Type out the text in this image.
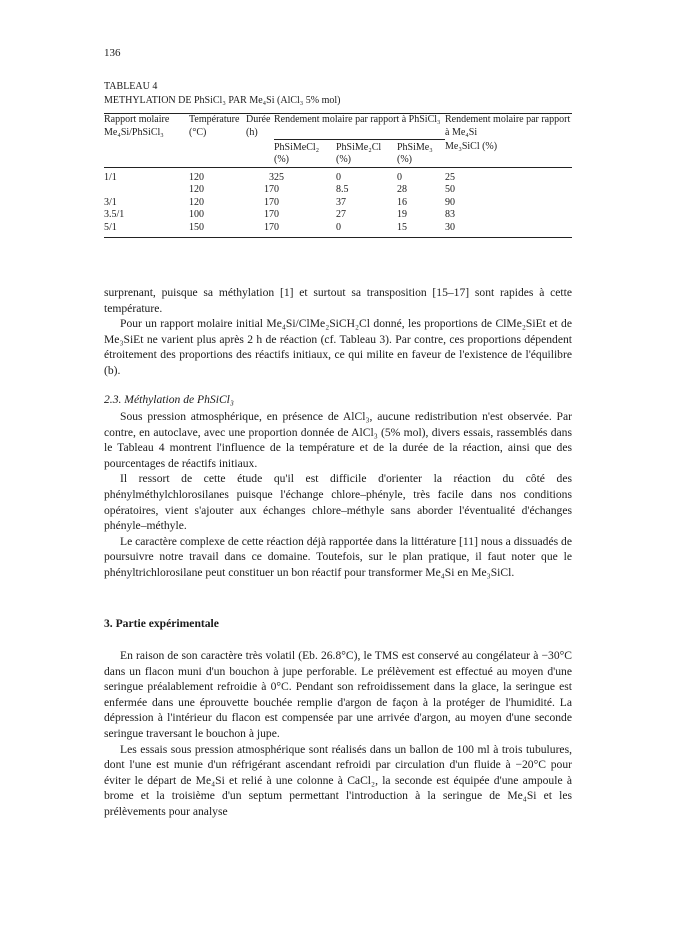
136
TABLEAU 4
METHYLATION DE PhSiCl₃ PAR Me₄Si (AlCl₃ 5% mol)
Rapport molaire Me₄Si/PhSiCl₃	Température (°C)	Durée (h)	Rendement molaire par rapport à PhSiCl₃			Rendement molaire par rapport à Me₄Si
			PhSiMeCl₂ (%)	PhSiMe₂Cl (%)	PhSiMe₃ (%)	Me₃SiCl (%)

1/1	120	3	25	0	0	25
	120	17	0	8.5	28	50
3/1	120	17	0	37	16	90
3.5/1	100	17	0	27	19	83
5/1	150	17	0	0	15	30

surprenant, puisque sa méthylation [1] et surtout sa transposition [15–17] sont rapides à cette température.

Pour un rapport molaire initial Me₄Si/ClMe₂SiCH₂Cl donné, les proportions de ClMe₂SiEt et de Me₃SiEt ne varient plus après 2 h de réaction (cf. Tableau 3). Par contre, ces proportions dépendent étroitement des proportions des réactifs initiaux, ce qui milite en faveur de l'existence de l'équilibre (b).

2.3. Méthylation de PhSiCl₃

Sous pression atmosphérique, en présence de AlCl₃, aucune redistribution n'est observée. Par contre, en autoclave, avec une proportion donnée de AlCl₃ (5% mol), divers essais, rassemblés dans le Tableau 4 montrent l'influence de la température et de la durée de la réaction, ainsi que des pourcentages de réactifs initiaux.

Il ressort de cette étude qu'il est difficile d'orienter la réaction du côté des phénylméthylchlorosilanes puisque l'échange chlore–phényle, très facile dans nos conditions opératoires, vient s'ajouter aux échanges chlore–méthyle sans aborder l'éventualité d'échanges phényle–méthyle.

Le caractère complexe de cette réaction déjà rapportée dans la littérature [11] nous a dissuadés de poursuivre notre travail dans ce domaine. Toutefois, sur le plan pratique, il faut noter que le phényltrichlorosilane peut constituer un bon réactif pour transformer Me₄Si en Me₃SiCl.

3. Partie expérimentale

En raison de son caractère très volatil (Eb. 26.8°C), le TMS est conservé au congélateur à −30°C dans un flacon muni d'un bouchon à jupe perforable. Le prélèvement est effectué au moyen d'une seringue préalablement refroidie à 0°C. Pendant son refroidissement dans la glace, la seringue est enfermée dans une éprouvette bouchée remplie d'argon de façon à la protéger de l'humidité. La dépression à l'intérieur du flacon est compensée par une arrivée d'argon, au moyen d'une seconde seringue traversant le bouchon à jupe.

Les essais sous pression atmosphérique sont réalisés dans un ballon de 100 ml à trois tubulures, dont l'une est munie d'un réfrigérant ascendant refroidi par circulation d'un fluide à −20°C pour éviter le départ de Me₄Si et relié à une colonne à CaCl₂, la seconde est équipée d'une ampoule à brome et la troisième d'un septum permettant l'introduction à la seringue de Me₄Si et les prélèvements pour analyse
